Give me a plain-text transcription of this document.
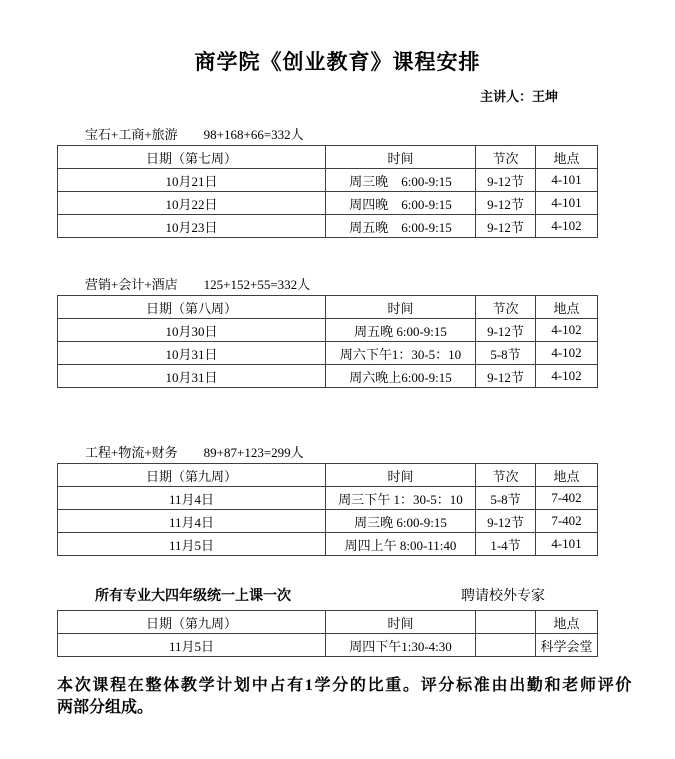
商学院《创业教育》课程安排
主讲人：王坤
宝石+工商+旅游 98+168+66=332人
日期（第七周）	时间	节次	地点
10月21日	周三晚　6:00-9:15	9-12节	4-101
10月22日	周四晚　6:00-9:15	9-12节	4-101
10月23日	周五晚　6:00-9:15	9-12节	4-102
营销+会计+酒店 125+152+55=332人
日期（第八周）	时间	节次	地点
10月30日	周五晚 6:00-9:15	9-12节	4-102
10月31日	周六下午1：30-5：10	5-8节	4-102
10月31日	周六晚上6:00-9:15	9-12节	4-102
工程+物流+财务 89+87+123=299人
日期（第九周）	时间	节次	地点
11月4日	周三下午 1：30-5：10	5-8节	7-402
11月4日	周三晚 6:00-9:15	9-12节	7-402
11月5日	周四上午 8:00-11:40	1-4节	4-101
所有专业大四年级统一上课一次	聘请校外专家
日期（第九周）	时间		地点
11月5日	周四下午1:30-4:30		科学会堂
本次课程在整体教学计划中占有1学分的比重。评分标准由出勤和老师评价
两部分组成。
